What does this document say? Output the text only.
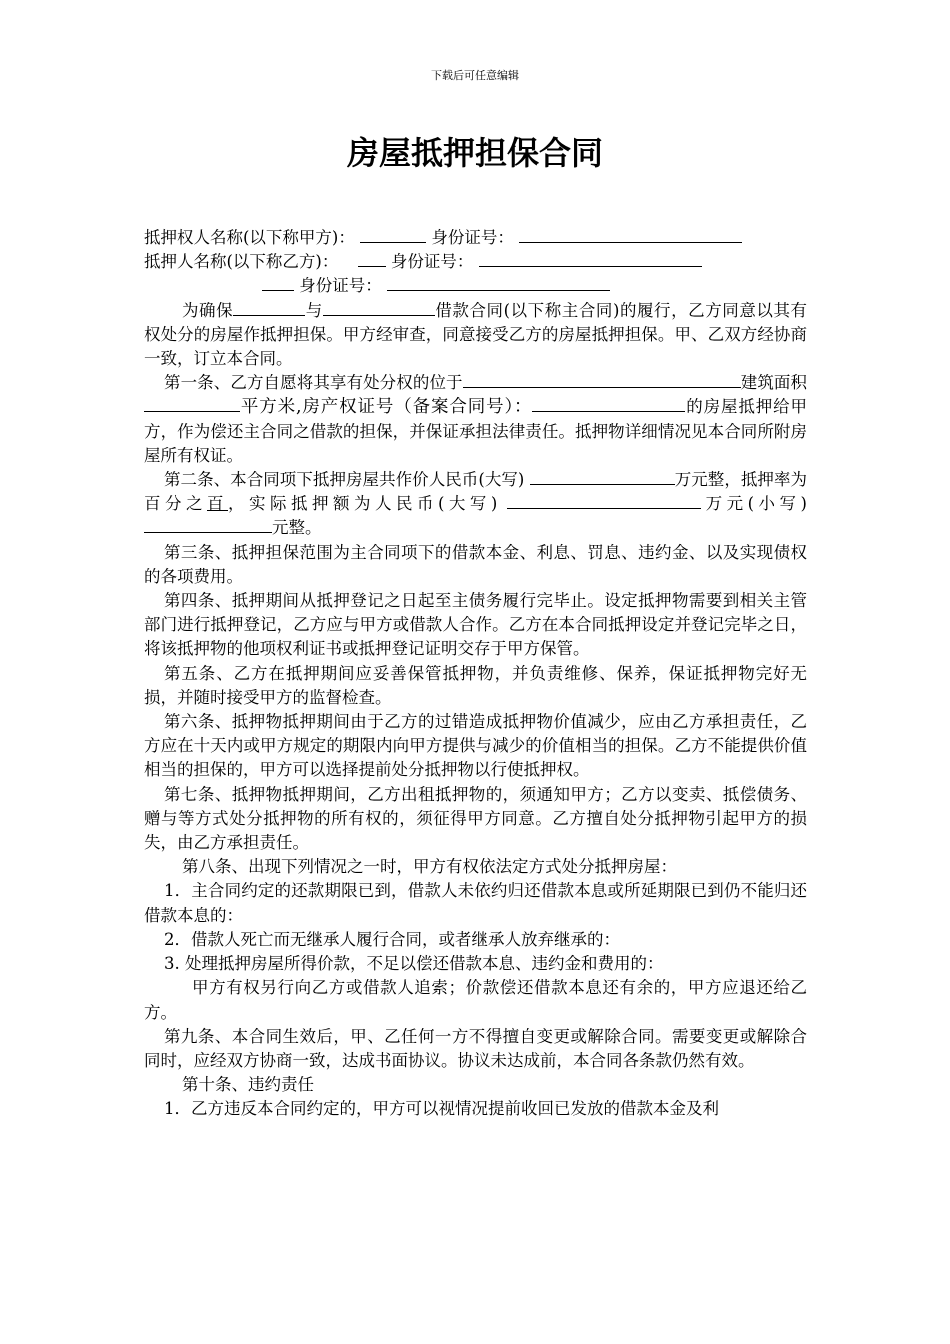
下载后可任意编辑
房屋抵押担保合同

抵押权人名称(以下称甲方)：	身份证号：

抵押人名称(以下称乙方)：	身份证号：

身份证号：

为确保	与	借款合同(以下称主合同)的履行，乙方同意以其有权处分的房屋作抵押担保。甲方经审查，同意接受乙方的房屋抵押担保。甲、乙双方经协商一致，订立本合同。

第一条、乙方自愿将其享有处分权的位于	建筑面积平方米,房产权证号（备案合同号）：	的房屋抵押给甲方，作为偿还主合同之借款的担保，并保证承担法律责任。抵押物详细情况见本合同所附房屋所有权证。

第二条、本合同项下抵押房屋共作价人民币(大写)	万元整，抵押率为百分之百，实际抵押额为人民币(大写)	万元(小写) 元整。

第三条、抵押担保范围为主合同项下的借款本金、利息、罚息、违约金、以及实现债权的各项费用。

第四条、抵押期间从抵押登记之日起至主债务履行完毕止。设定抵押物需要到相关主管部门进行抵押登记，乙方应与甲方或借款人合作。乙方在本合同抵押设定并登记完毕之日，将该抵押物的他项权利证书或抵押登记证明交存于甲方保管。

第五条、乙方在抵押期间应妥善保管抵押物，并负责维修、保养，保证抵押物完好无损，并随时接受甲方的监督检查。

第六条、抵押物抵押期间由于乙方的过错造成抵押物价值减少，应由乙方承担责任，乙方应在十天内或甲方规定的期限内向甲方提供与减少的价值相当的担保。乙方不能提供价值相当的担保的，甲方可以选择提前处分抵押物以行使抵押权。

第七条、抵押物抵押期间，乙方出租抵押物的，须通知甲方；乙方以变卖、抵偿债务、赠与等方式处分抵押物的所有权的，须征得甲方同意。乙方擅自处分抵押物引起甲方的损失，由乙方承担责任。

第八条、出现下列情况之一时，甲方有权依法定方式处分抵押房屋：

1．主合同约定的还款期限已到，借款人未依约归还借款本息或所延期限已到仍不能归还借款本息的：

2．借款人死亡而无继承人履行合同，或者继承人放弃继承的：

3. 处理抵押房屋所得价款，不足以偿还借款本息、违约金和费用的：

甲方有权另行向乙方或借款人追索；价款偿还借款本息还有余的，甲方应退还给乙方。

第九条、本合同生效后，甲、乙任何一方不得擅自变更或解除合同。需要变更或解除合同时，应经双方协商一致，达成书面协议。协议未达成前，本合同各条款仍然有效。

第十条、违约责任

1．乙方违反本合同约定的，甲方可以视情况提前收回已发放的借款本金及利
